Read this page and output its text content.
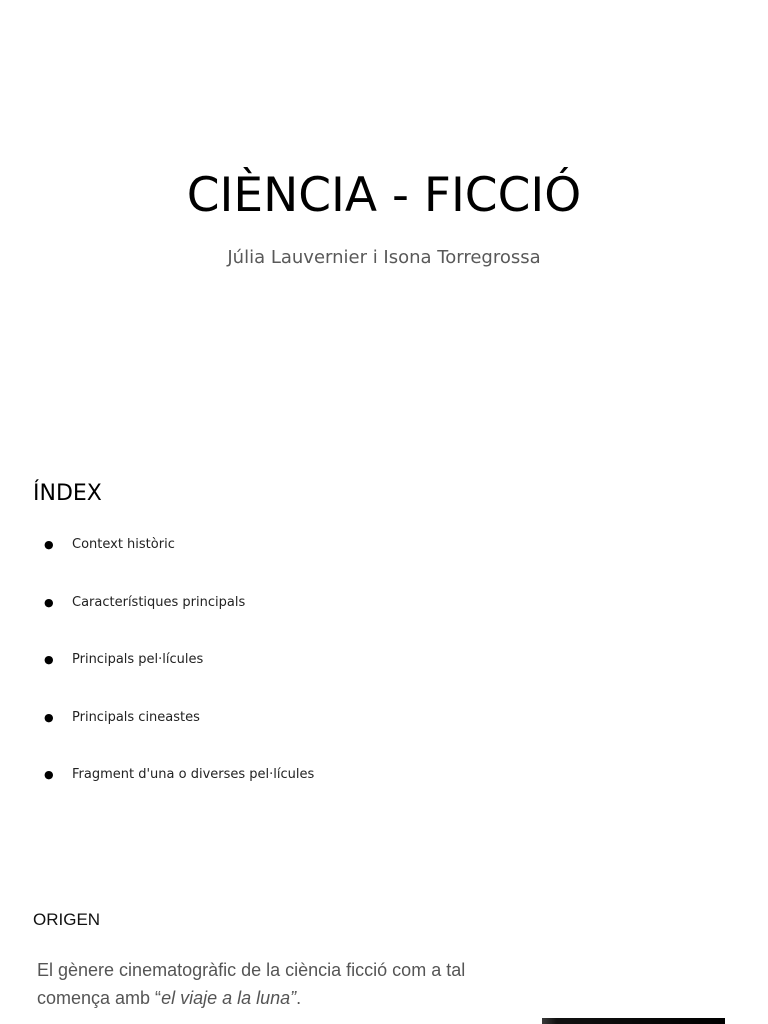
CIÈNCIA - FICCIÓ
Júlia Lauvernier i Isona Torregrossa
ÍNDEX
● Context històric
● Característiques principals
● Principals pel·lícules
● Principals cineastes
● Fragment d'una o diverses pel·lícules
ORIGEN

El gènere cinematogràfic de la ciència ficció com a tal
comença amb “el viaje a la luna”.
